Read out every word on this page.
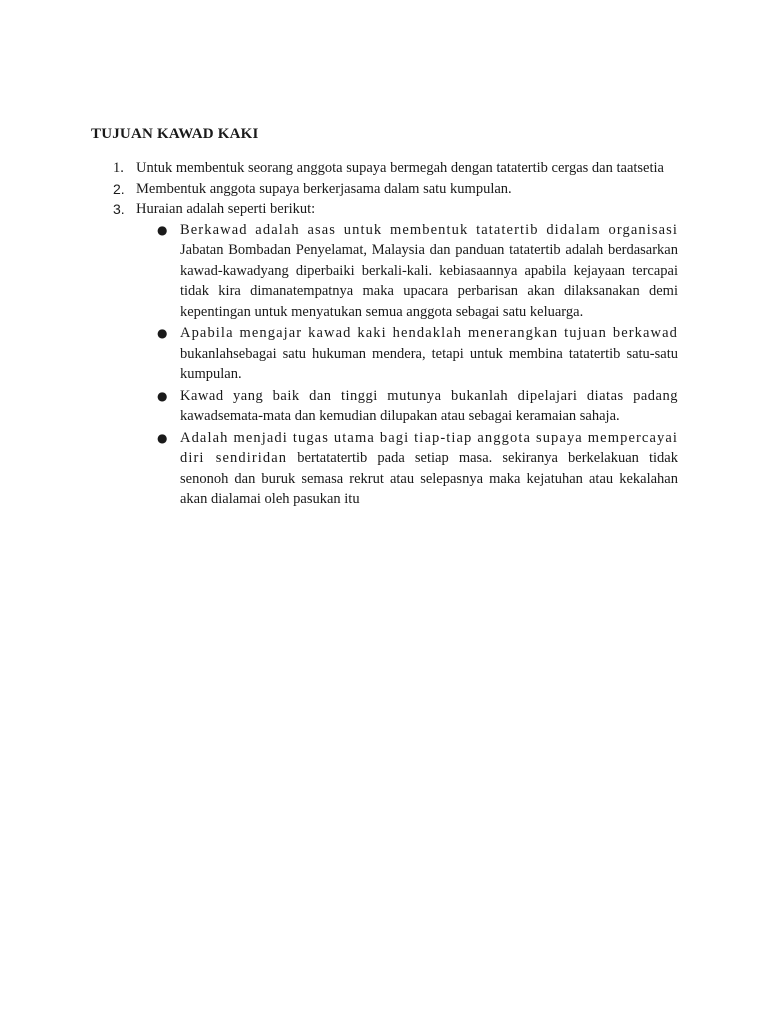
TUJUAN KAWAD KAKI
1. Untuk membentuk seorang anggota supaya bermegah dengan tatatertib cergas dan taatsetia
2. Membentuk anggota supaya berkerjasama dalam satu kumpulan.
3. Huraian adalah seperti berikut:
● Berkawad adalah asas untuk membentuk tatatertib didalam organisasi Jabatan Bombadan Penyelamat, Malaysia dan panduan tatatertib adalah berdasarkan kawad-kawadyang diperbaiki berkali-kali. kebiasaannya apabila kejayaan tercapai tidak kira dimanatempatnya maka upacara perbarisan akan dilaksanakan demi kepentingan untuk menyatukan semua anggota sebagai satu keluarga.
● Apabila mengajar kawad kaki hendaklah menerangkan tujuan berkawad bukanlahsebagai satu hukuman mendera, tetapi untuk membina tatatertib satu-satu kumpulan.
● Kawad yang baik dan tinggi mutunya bukanlah dipelajari diatas padang kawadsemata-mata dan kemudian dilupakan atau sebagai keramaian sahaja.
● Adalah menjadi tugas utama bagi tiap-tiap anggota supaya mempercayai diri sendiridan bertatatertib pada setiap masa. sekiranya berkelakuan tidak senonoh dan buruk semasa rekrut atau selepasnya maka kejatuhan atau kekalahan akan dialamai oleh pasukan itu
